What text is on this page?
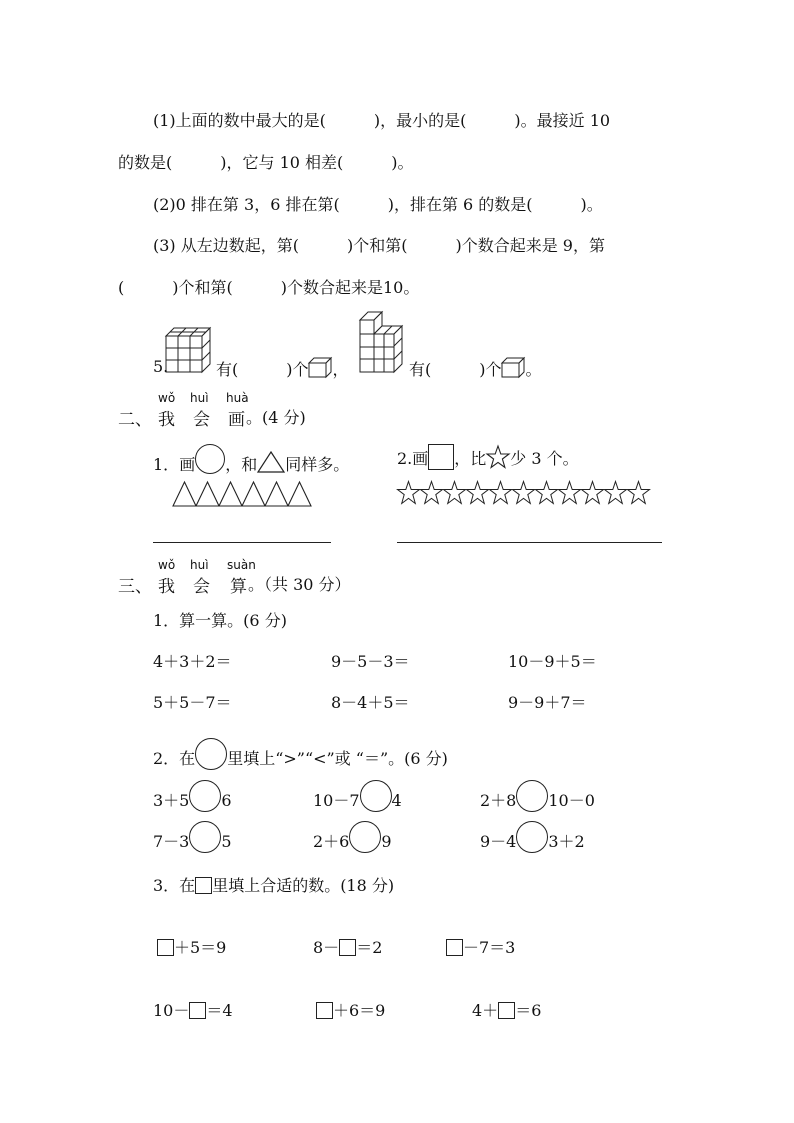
(1)上面的数中最大的是(　　　)，最小的是(　　　)。最接近 10
的数是(　　　)，它与 10 相差(　　　)。
(2)0 排在第 3，6 排在第(　　　)，排在第 6 的数是(　　　)。
(3) 从左边数起，第(　　　)个和第(　　　)个数合起来是 9，第
(　　　)个和第(　　　)个数合起来是10。
5.	有(　　　)个 ，	有(　　　)个 。
wǒ huì huà
二、 我 会 画 。(4 分)
1．画 ，和 同样多。	2.画 ，比 少 3 个。
wǒ huì suàn
三、 我 会 算 。（共 30 分）
1．算一算。(6 分)
4＋3＋2＝	9－5－3＝	10－9＋5＝
5＋5－7＝	8－4＋5＝	9－9＋7＝
2．在 里填上“>”“<”或 “＝”。(6 分)
3＋5 6	10－7 4	2＋8 10－0
7－3 5	2＋6 9	9－4 3＋2
3．在 里填上合适的数。(18 分)
＋5＝9	8－ ＝2	－7＝3
10－ ＝4	＋6＝9	4＋ ＝6
